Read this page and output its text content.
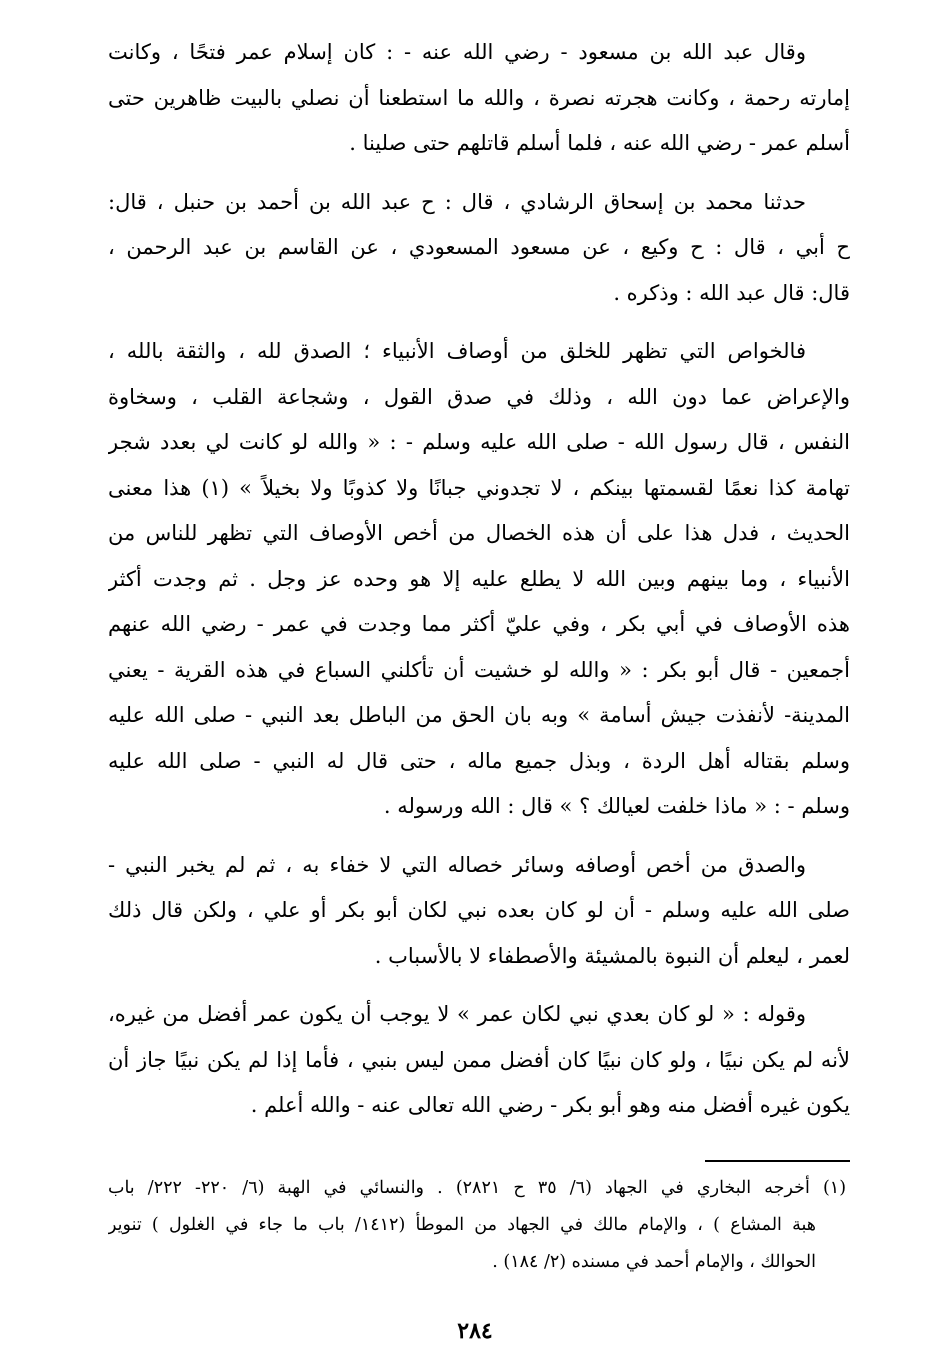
وقال عبد الله بن مسعود - رضي الله عنه - : كان إسلام عمر فتحًا ، وكانت
إمارته رحمة ، وكانت هجرته نصرة ، والله ما استطعنا أن نصلي بالبيت ظاهرين حتى
أسلم عمر - رضي الله عنه ، فلما أسلم قاتلهم حتى صلينا .
حدثنا محمد بن إسحاق الرشادي ، قال : ح عبد الله بن أحمد بن حنبل ، قال:
ح أبي ، قال : ح وكيع ، عن مسعود المسعودي ، عن القاسم بن عبد الرحمن ،
قال: قال عبد الله : وذكره .
فالخواص التي تظهر للخلق من أوصاف الأنبياء ؛ الصدق لله ، والثقة بالله ،
والإعراض عما دون الله ، وذلك في صدق القول ، وشجاعة القلب ، وسخاوة
النفس ، قال رسول الله - صلى الله عليه وسلم - : « والله لو كانت لي بعدد شجر
تهامة كذا نعمًا لقسمتها بينكم ، لا تجدوني جبانًا ولا كذوبًا ولا بخيلاً » (١) هذا معنى
الحديث ، فدل هذا على أن هذه الخصال من أخص الأوصاف التي تظهر للناس من
الأنبياء ، وما بينهم وبين الله لا يطلع عليه إلا هو وحده عز وجل . ثم وجدت أكثر
هذه الأوصاف في أبي بكر ، وفي عليّ أكثر مما وجدت في عمر - رضي الله عنهم
أجمعين - قال أبو بكر : « والله لو خشيت أن تأكلني السباع في هذه القرية - يعني
المدينة- لأنفذت جيش أسامة » وبه بان الحق من الباطل بعد النبي - صلى الله عليه
وسلم بقتاله أهل الردة ، وبذل جميع ماله ، حتى قال له النبي - صلى الله عليه
وسلم - : « ماذا خلفت لعيالك ؟ » قال : الله ورسوله .
والصدق من أخص أوصافه وسائر خصاله التي لا خفاء به ، ثم لم يخبر النبي -
صلى الله عليه وسلم - أن لو كان بعده نبي لكان أبو بكر أو علي ، ولكن قال ذلك
لعمر ، ليعلم أن النبوة بالمشيئة والأصطفاء لا بالأسباب .
وقوله : « لو كان بعدي نبي لكان عمر » لا يوجب أن يكون عمر أفضل من غيره،
لأنه لم يكن نبيًا ، ولو كان نبيًا كان أفضل ممن ليس بنبي ، فأما إذا لم يكن نبيًا جاز أن
يكون غيره أفضل منه وهو أبو بكر - رضي الله تعالى عنه - والله أعلم .
(١) أخرجه البخاري في الجهاد (٦/ ٣٥ ح ٢٨٢١) . والنسائي في الهبة (٦/ ٢٢٠- ٢٢٢/ باب
هبة المشاع ) ، والإمام مالك في الجهاد من الموطأ (١٤١٢/ باب ما جاء في الغلول ) تنوير
الحوالك ، والإمام أحمد في مسنده (٢/ ١٨٤) .
٢٨٤
